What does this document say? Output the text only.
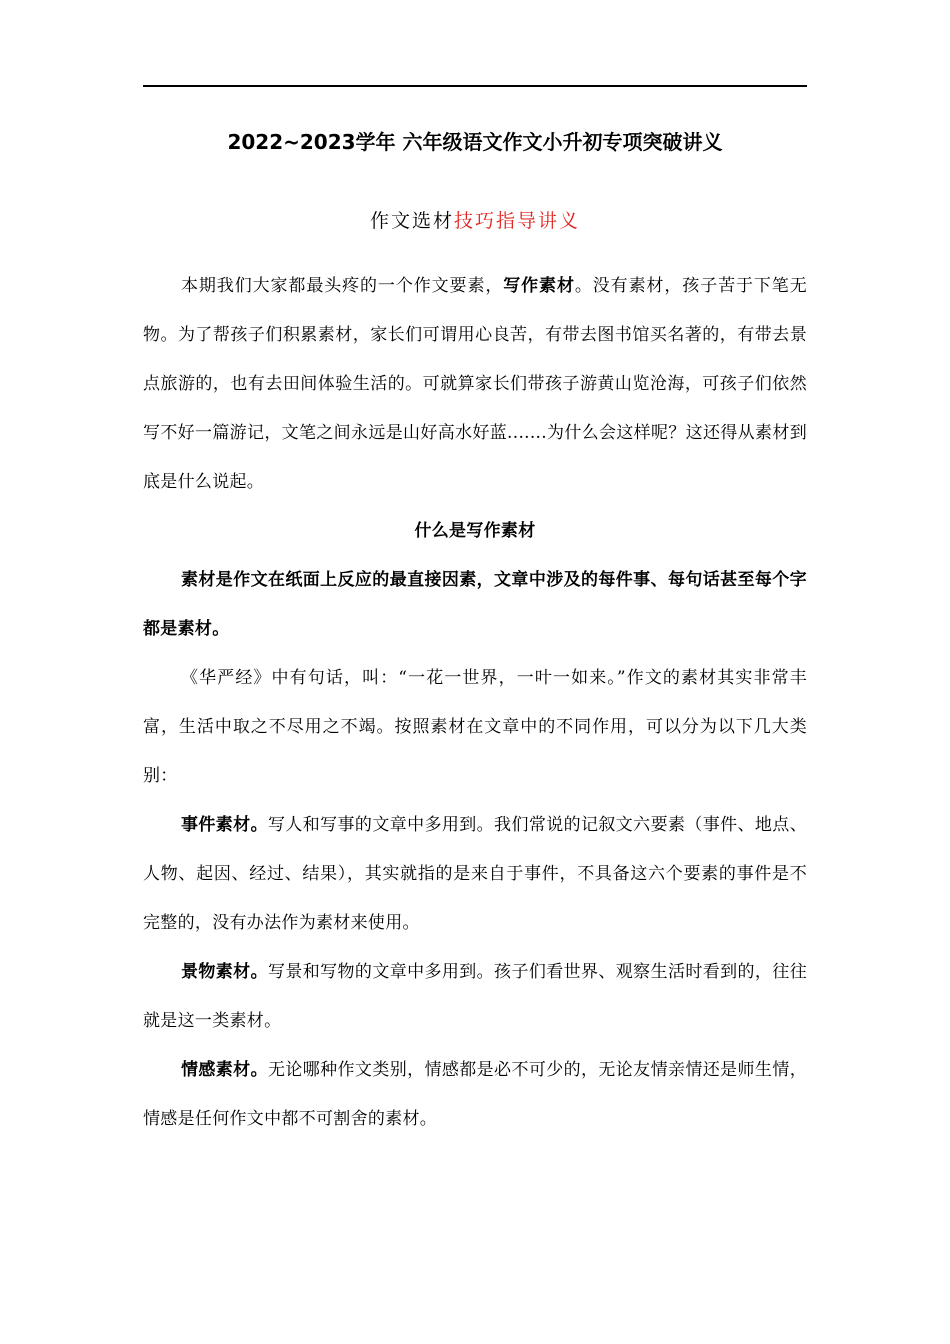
2022~2023学年 六年级语文作文小升初专项突破讲义
作文选材技巧指导讲义

本期我们大家都最头疼的一个作文要素，写作素材。没有素材，孩子苦于下笔无物。为了帮孩子们积累素材，家长们可谓用心良苦，有带去图书馆买名著的，有带去景点旅游的，也有去田间体验生活的。可就算家长们带孩子游黄山览沧海，可孩子们依然写不好一篇游记，文笔之间永远是山好高水好蓝.......为什么会这样呢？这还得从素材到底是什么说起。

什么是写作素材

素材是作文在纸面上反应的最直接因素，文章中涉及的每件事、每句话甚至每个字都是素材。

《华严经》中有句话，叫：“一花一世界，一叶一如来。”作文的素材其实非常丰富，生活中取之不尽用之不竭。按照素材在文章中的不同作用，可以分为以下几大类别：

事件素材。写人和写事的文章中多用到。我们常说的记叙文六要素（事件、地点、人物、起因、经过、结果），其实就指的是来自于事件，不具备这六个要素的事件是不完整的，没有办法作为素材来使用。

景物素材。写景和写物的文章中多用到。孩子们看世界、观察生活时看到的，往往就是这一类素材。

情感素材。无论哪种作文类别，情感都是必不可少的，无论友情亲情还是师生情，情感是任何作文中都不可割舍的素材。
